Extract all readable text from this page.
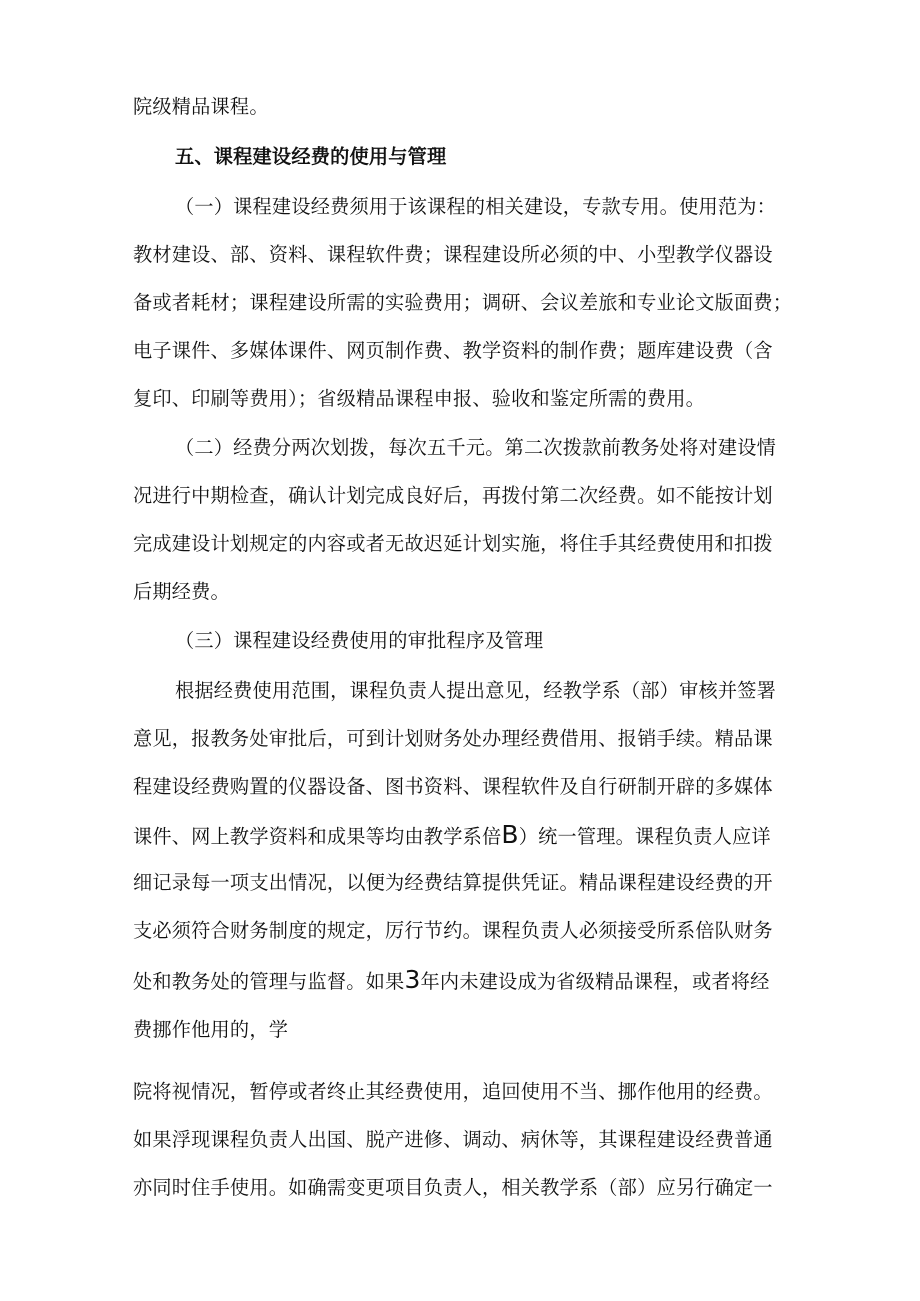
院级精品课程。
五、课程建设经费的使用与管理
（一）课程建设经费须用于该课程的相关建设，专款专用。使用范为：
教材建设、部、资料、课程软件费；课程建设所必须的中、小型教学仪器设
备或者耗材；课程建设所需的实验费用；调研、会议差旅和专业论文版面费；
电子课件、多媒体课件、网页制作费、教学资料的制作费；题库建设费（含
复印、印刷等费用）；省级精品课程申报、验收和鉴定所需的费用。
（二）经费分两次划拨，每次五千元。第二次拨款前教务处将对建设情
况进行中期检查，确认计划完成良好后，再拨付第二次经费。如不能按计划
完成建设计划规定的内容或者无故迟延计划实施，将住手其经费使用和扣拨
后期经费。
（三）课程建设经费使用的审批程序及管理
根据经费使用范围，课程负责人提出意见，经教学系（部）审核并签署
意见，报教务处审批后，可到计划财务处办理经费借用、报销手续。精品课
程建设经费购置的仪器设备、图书资料、课程软件及自行研制开辟的多媒体
课件、网上教学资料和成果等均由教学系倍B）统一管理。课程负责人应详
细记录每一项支出情况，以便为经费结算提供凭证。精品课程建设经费的开
支必须符合财务制度的规定，厉行节约。课程负责人必须接受所系倍队财务
处和教务处的管理与监督。如果3年内未建设成为省级精品课程，或者将经
费挪作他用的，学
院将视情况，暂停或者终止其经费使用，追回使用不当、挪作他用的经费。
如果浮现课程负责人出国、脱产进修、调动、病休等，其课程建设经费普通
亦同时住手使用。如确需变更项目负责人，相关教学系（部）应另行确定一
